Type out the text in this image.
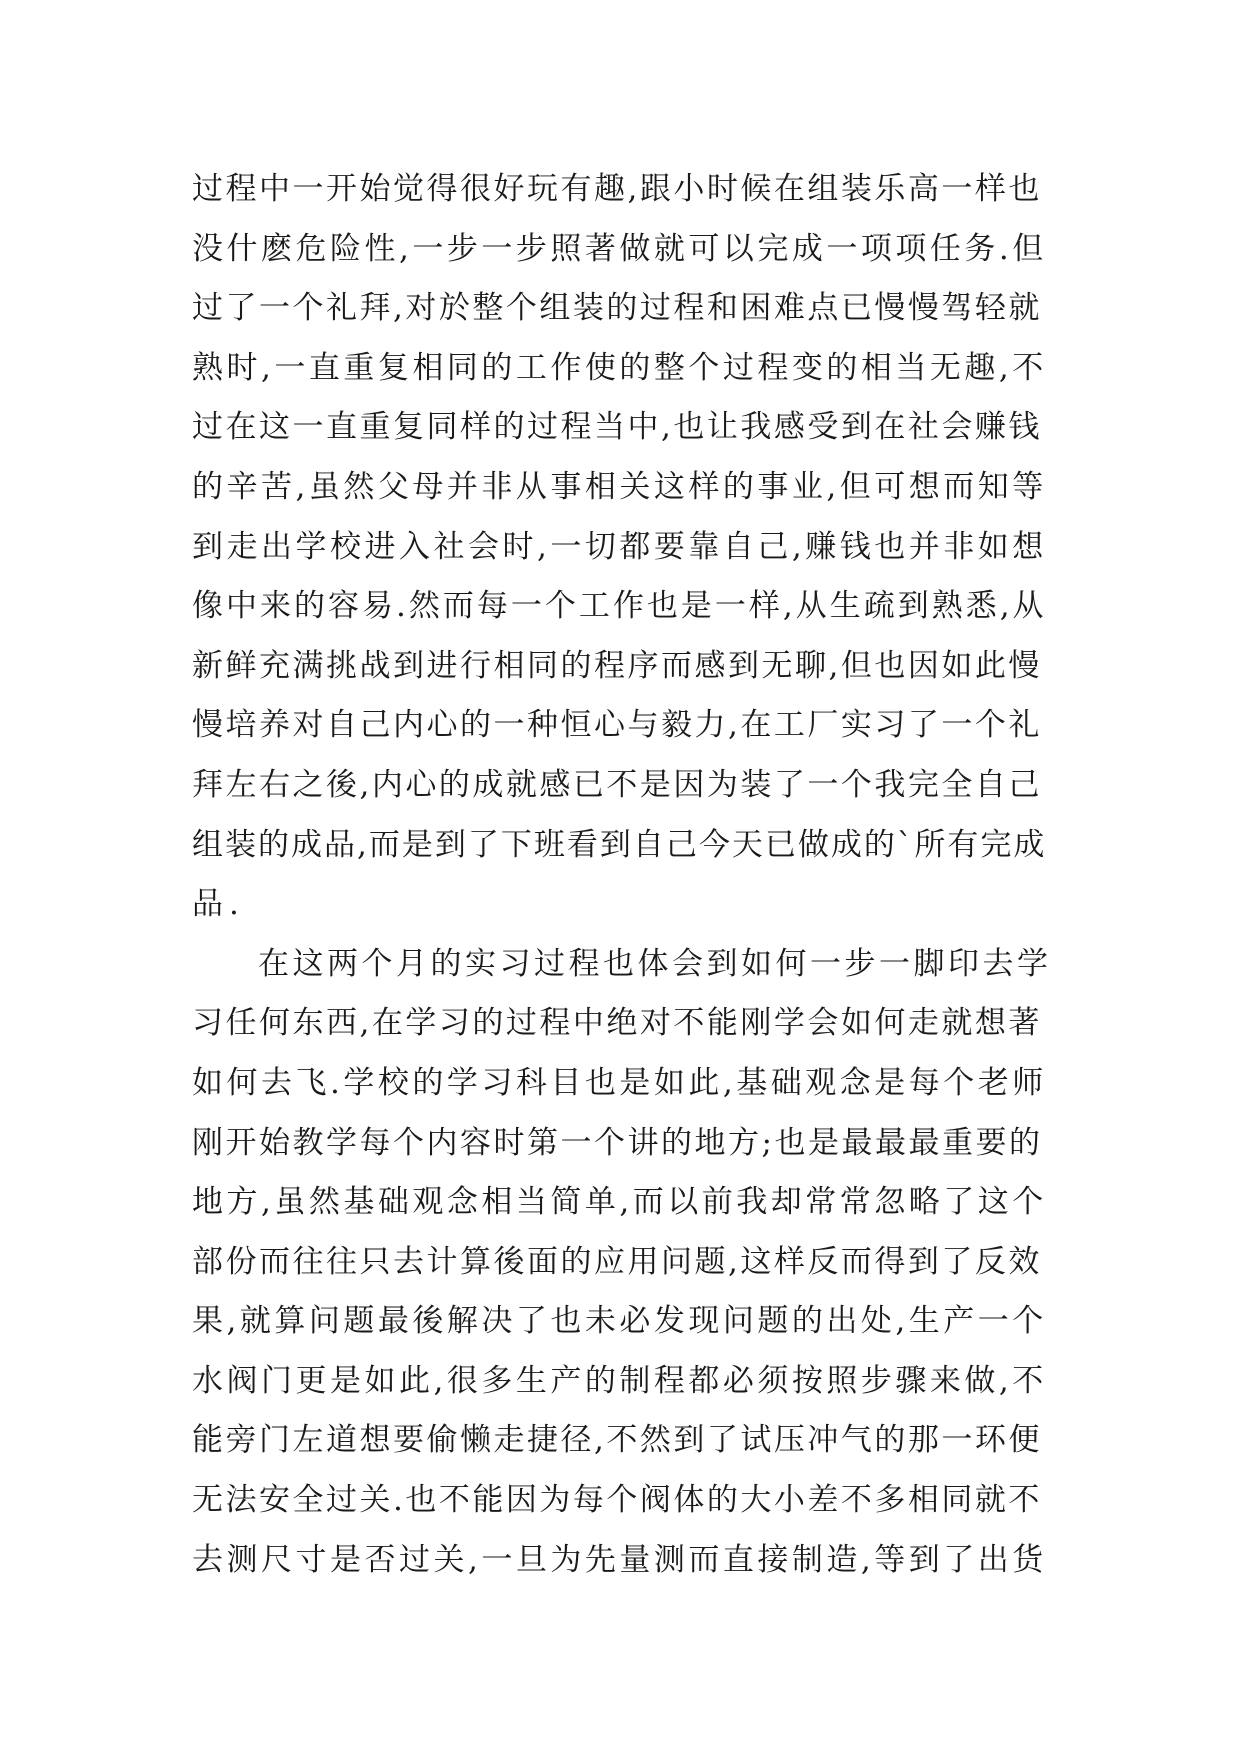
过程中一开始觉得很好玩有趣,跟小时候在组装乐高一样也
没什麽危险性,一步一步照著做就可以完成一项项任务.但
过了一个礼拜,对於整个组装的过程和困难点已慢慢驾轻就
熟时,一直重复相同的工作使的整个过程变的相当无趣,不
过在这一直重复同样的过程当中,也让我感受到在社会赚钱
的辛苦,虽然父母并非从事相关这样的事业,但可想而知等
到走出学校进入社会时,一切都要靠自己,赚钱也并非如想
像中来的容易.然而每一个工作也是一样,从生疏到熟悉,从
新鲜充满挑战到进行相同的程序而感到无聊,但也因如此慢
慢培养对自己内心的一种恒心与毅力,在工厂实习了一个礼
拜左右之後,内心的成就感已不是因为装了一个我完全自己
组装的成品,而是到了下班看到自己今天已做成的`所有完成
品.
在这两个月的实习过程也体会到如何一步一脚印去学
习任何东西,在学习的过程中绝对不能刚学会如何走就想著
如何去飞.学校的学习科目也是如此,基础观念是每个老师
刚开始教学每个内容时第一个讲的地方;也是最最最重要的
地方,虽然基础观念相当简单,而以前我却常常忽略了这个
部份而往往只去计算後面的应用问题,这样反而得到了反效
果,就算问题最後解决了也未必发现问题的出处,生产一个
水阀门更是如此,很多生产的制程都必须按照步骤来做,不
能旁门左道想要偷懒走捷径,不然到了试压冲气的那一环便
无法安全过关.也不能因为每个阀体的大小差不多相同就不
去测尺寸是否过关,一旦为先量测而直接制造,等到了出货
